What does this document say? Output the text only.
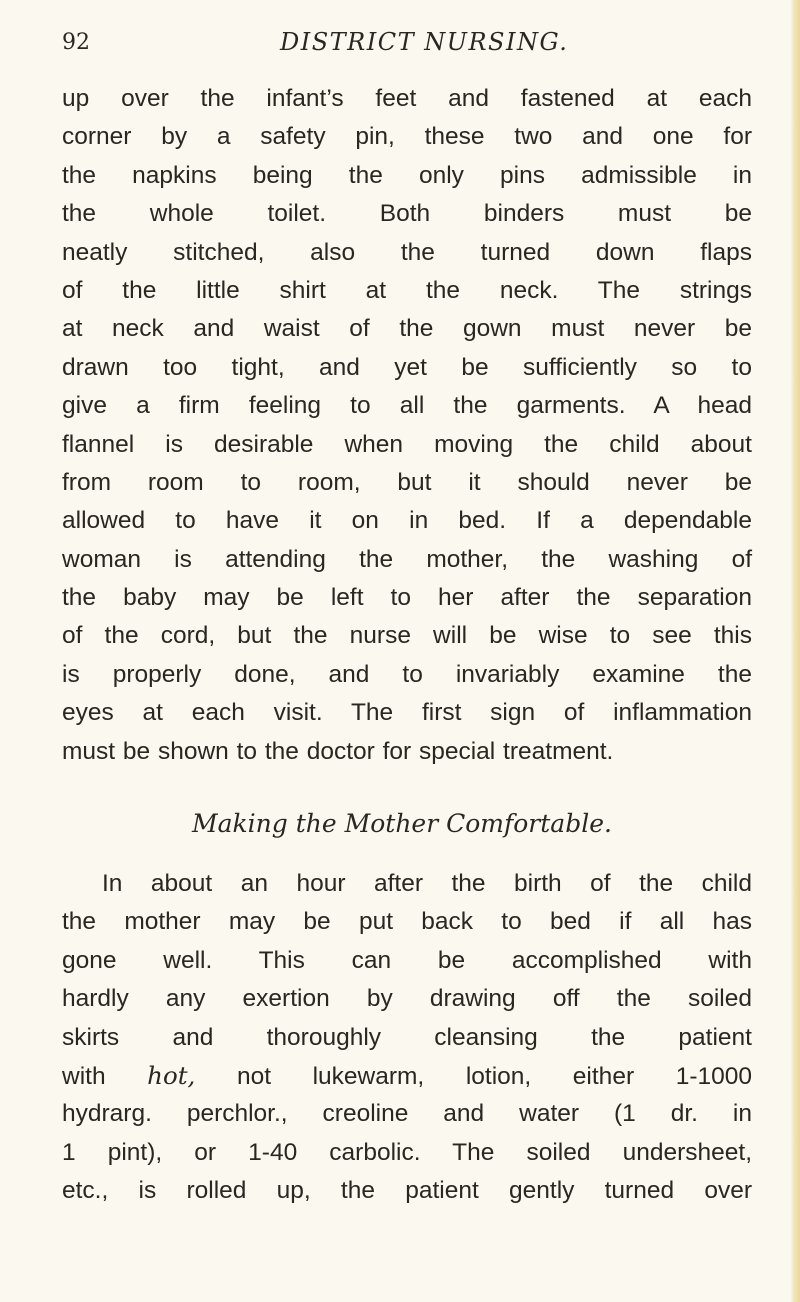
92	DISTRICT NURSING.
up over the infant’s feet and fastened at each
corner by a safety pin, these two and one for
the napkins being the only pins admissible in
the whole toilet. Both binders must be
neatly stitched, also the turned down flaps
of the little shirt at the neck. The strings
at neck and waist of the gown must never be
drawn too tight, and yet be sufficiently so to
give a firm feeling to all the garments. A head
flannel is desirable when moving the child about
from room to room, but it should never be
allowed to have it on in bed. If a dependable
woman is attending the mother, the washing of
the baby may be left to her after the separation
of the cord, but the nurse will be wise to see this
is properly done, and to invariably examine the
eyes at each visit. The first sign of inflammation
must be shown to the doctor for special treatment.
Making the Mother Comfortable.
In about an hour after the birth of the child
the mother may be put back to bed if all has
gone well. This can be accomplished with
hardly any exertion by drawing off the soiled
skirts and thoroughly cleansing the patient
with hot, not lukewarm, lotion, either 1-1000
hydrarg. perchlor., creoline and water (1 dr. in
1 pint), or 1-40 carbolic. The soiled undersheet,
etc., is rolled up, the patient gently turned over
